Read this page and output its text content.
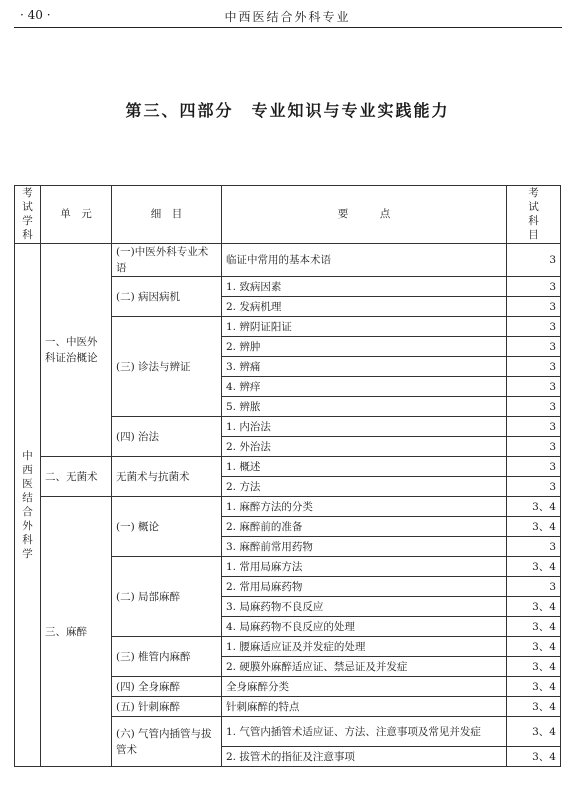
· 40 ·	中西医结合外科专业
第三、四部分　专业知识与专业实践能力
考试学科	单　元	细　目	要　　　点	考试科目
中西医结合外科学	一、中医外科证治概论	(一)中医外科专业术语	临证中常用的基本术语	3
		(二) 病因病机	1. 致病因素	3
			2. 发病机理	3
		(三) 诊法与辨证	1. 辨阴证阳证	3
			2. 辨肿	3
			3. 辨痛	3
			4. 辨痒	3
			5. 辨脓	3
		(四) 治法	1. 内治法	3
			2. 外治法	3
	二、无菌术	无菌术与抗菌术	1. 概述	3
			2. 方法	3
	三、麻醉	(一) 概论	1. 麻醉方法的分类	3、4
			2. 麻醉前的准备	3、4
			3. 麻醉前常用药物	3
		(二) 局部麻醉	1. 常用局麻方法	3、4
			2. 常用局麻药物	3
			3. 局麻药物不良反应	3、4
			4. 局麻药物不良反应的处理	3、4
		(三) 椎管内麻醉	1. 腰麻适应证及并发症的处理	3、4
			2. 硬膜外麻醉适应证、禁忌证及并发症	3、4
		(四) 全身麻醉	全身麻醉分类	3、4
		(五) 针刺麻醉	针刺麻醉的特点	3、4
		(六) 气管内插管与拔管术	1. 气管内插管术适应证、方法、注意事项及常见并发症	3、4
			2. 拔管术的指征及注意事项	3、4
